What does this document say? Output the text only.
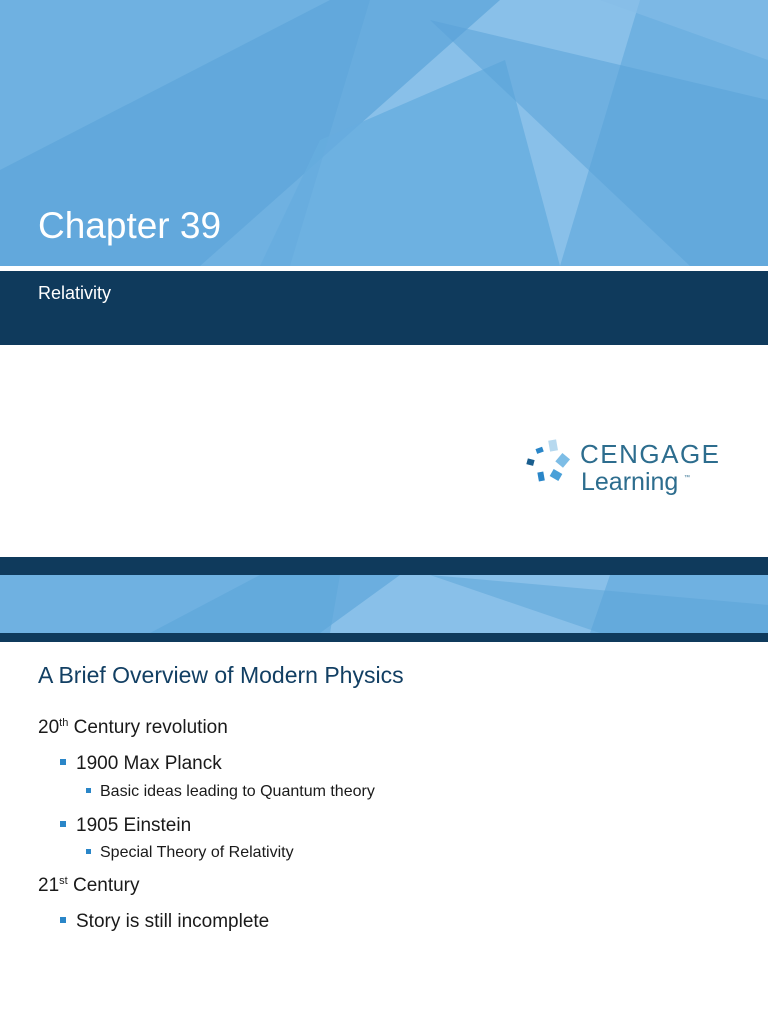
Chapter 39
Relativity
CENGAGE
Learning ™
A Brief Overview of Modern Physics
20th Century revolution
1900 Max Planck
Basic ideas leading to Quantum theory
1905 Einstein
Special Theory of Relativity
21st Century
Story is still incomplete
